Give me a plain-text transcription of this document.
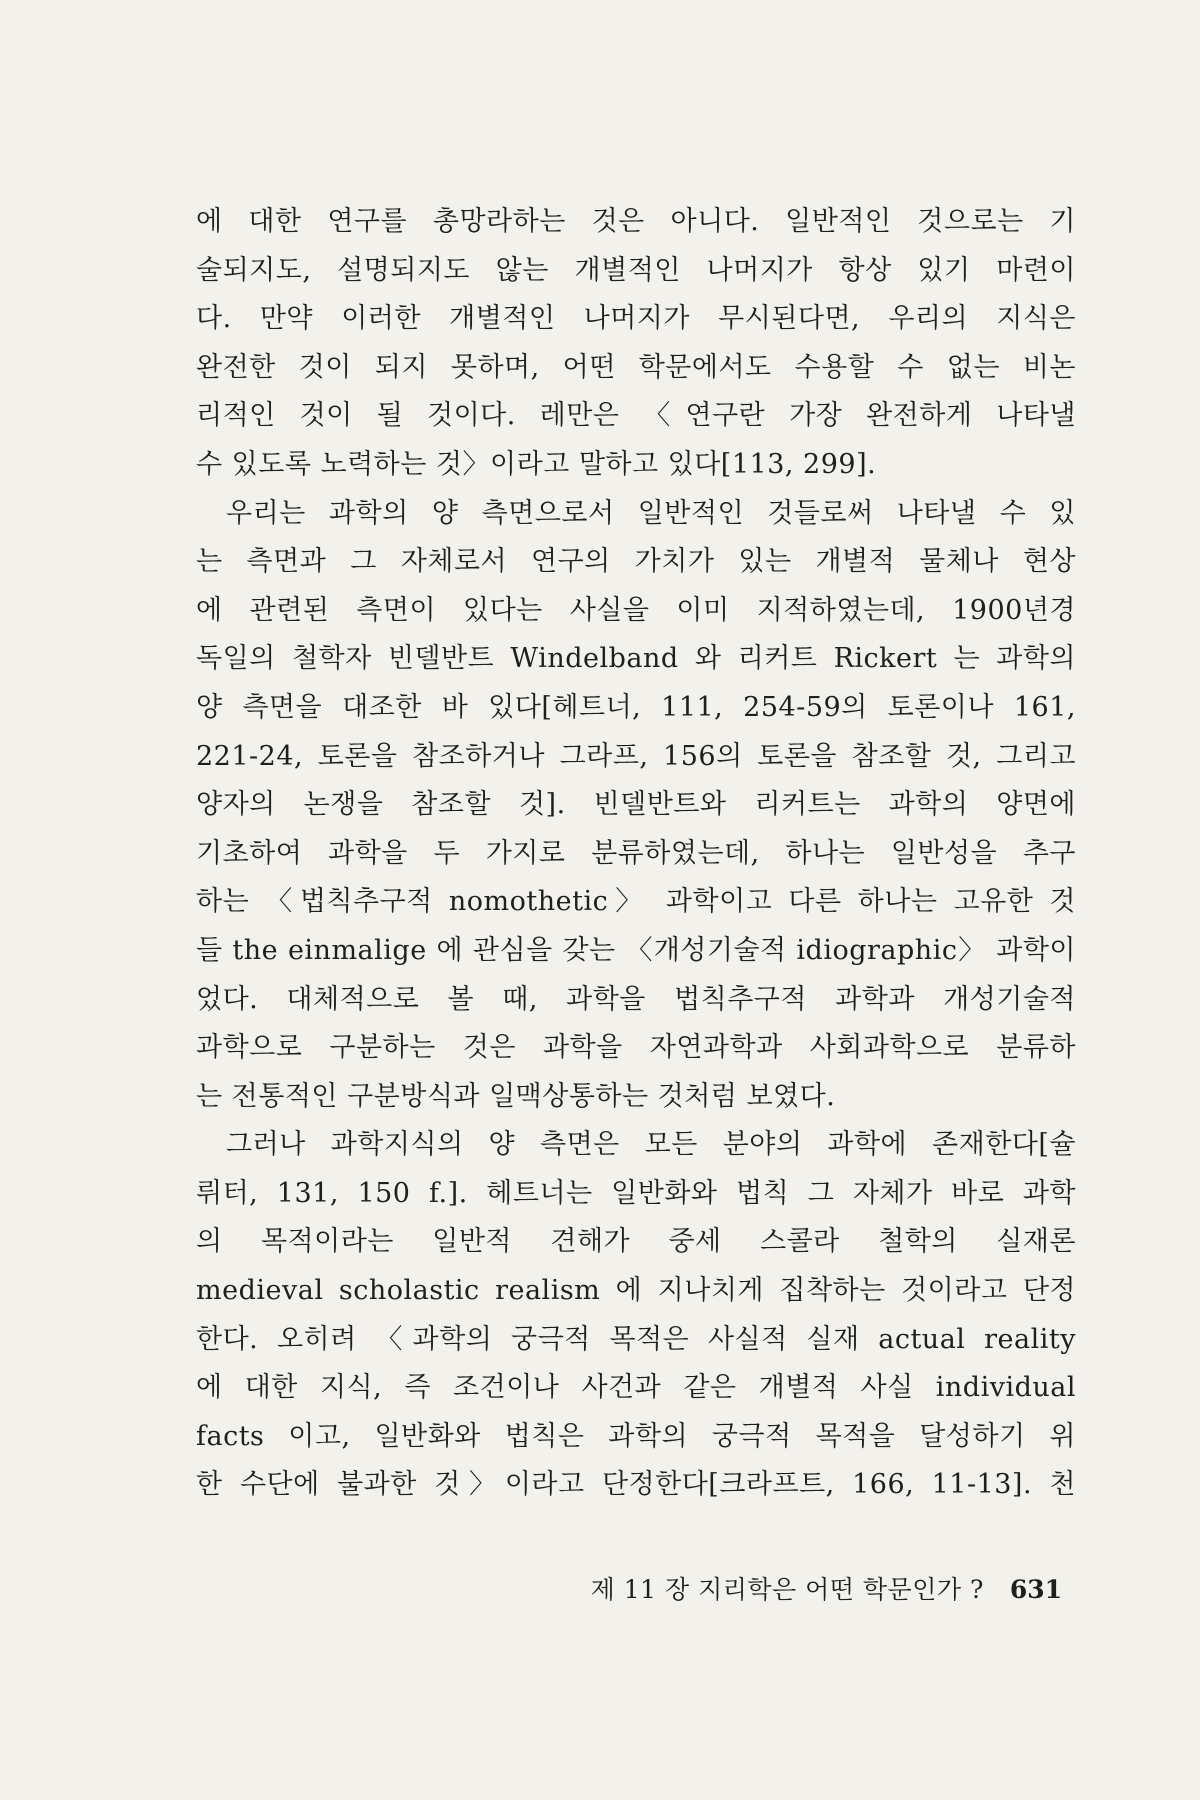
에 대한 연구를 총망라하는 것은 아니다. 일반적인 것으로는 기
술되지도, 설명되지도 않는 개별적인 나머지가 항상 있기 마련이
다. 만약 이러한 개별적인 나머지가 무시된다면, 우리의 지식은
완전한 것이 되지 못하며, 어떤 학문에서도 수용할 수 없는 비논
리적인 것이 될 것이다. 레만은 〈연구란 가장 완전하게 나타낼
수 있도록 노력하는 것〉이라고 말하고 있다[113, 299].
우리는 과학의 양 측면으로서 일반적인 것들로써 나타낼 수 있
는 측면과 그 자체로서 연구의 가치가 있는 개별적 물체나 현상
에 관련된 측면이 있다는 사실을 이미 지적하였는데, 1900년경
독일의 철학자 빈델반트 Windelband 와 리커트 Rickert 는 과학의
양 측면을 대조한 바 있다[헤트너, 111, 254-59의 토론이나 161,
221-24, 토론을 참조하거나 그라프, 156의 토론을 참조할 것, 그리고
양자의 논쟁을 참조할 것]. 빈델반트와 리커트는 과학의 양면에
기초하여 과학을 두 가지로 분류하였는데, 하나는 일반성을 추구
하는 〈법칙추구적 nomothetic〉 과학이고 다른 하나는 고유한 것
들 the einmalige 에 관심을 갖는 〈개성기술적 idiographic〉 과학이
었다. 대체적으로 볼 때, 과학을 법칙추구적 과학과 개성기술적
과학으로 구분하는 것은 과학을 자연과학과 사회과학으로 분류하
는 전통적인 구분방식과 일맥상통하는 것처럼 보였다.
그러나 과학지식의 양 측면은 모든 분야의 과학에 존재한다[슐
뤼터, 131, 150 f.]. 헤트너는 일반화와 법칙 그 자체가 바로 과학
의 목적이라는 일반적 견해가 중세 스콜라 철학의 실재론
medieval scholastic realism 에 지나치게 집착하는 것이라고 단정
한다. 오히려 〈과학의 궁극적 목적은 사실적 실재 actual reality
에 대한 지식, 즉 조건이나 사건과 같은 개별적 사실 individual
facts 이고, 일반화와 법칙은 과학의 궁극적 목적을 달성하기 위
한 수단에 불과한 것〉이라고 단정한다[크라프트, 166, 11-13]. 천
제 11 장 지리학은 어떤 학문인가 ? 631
